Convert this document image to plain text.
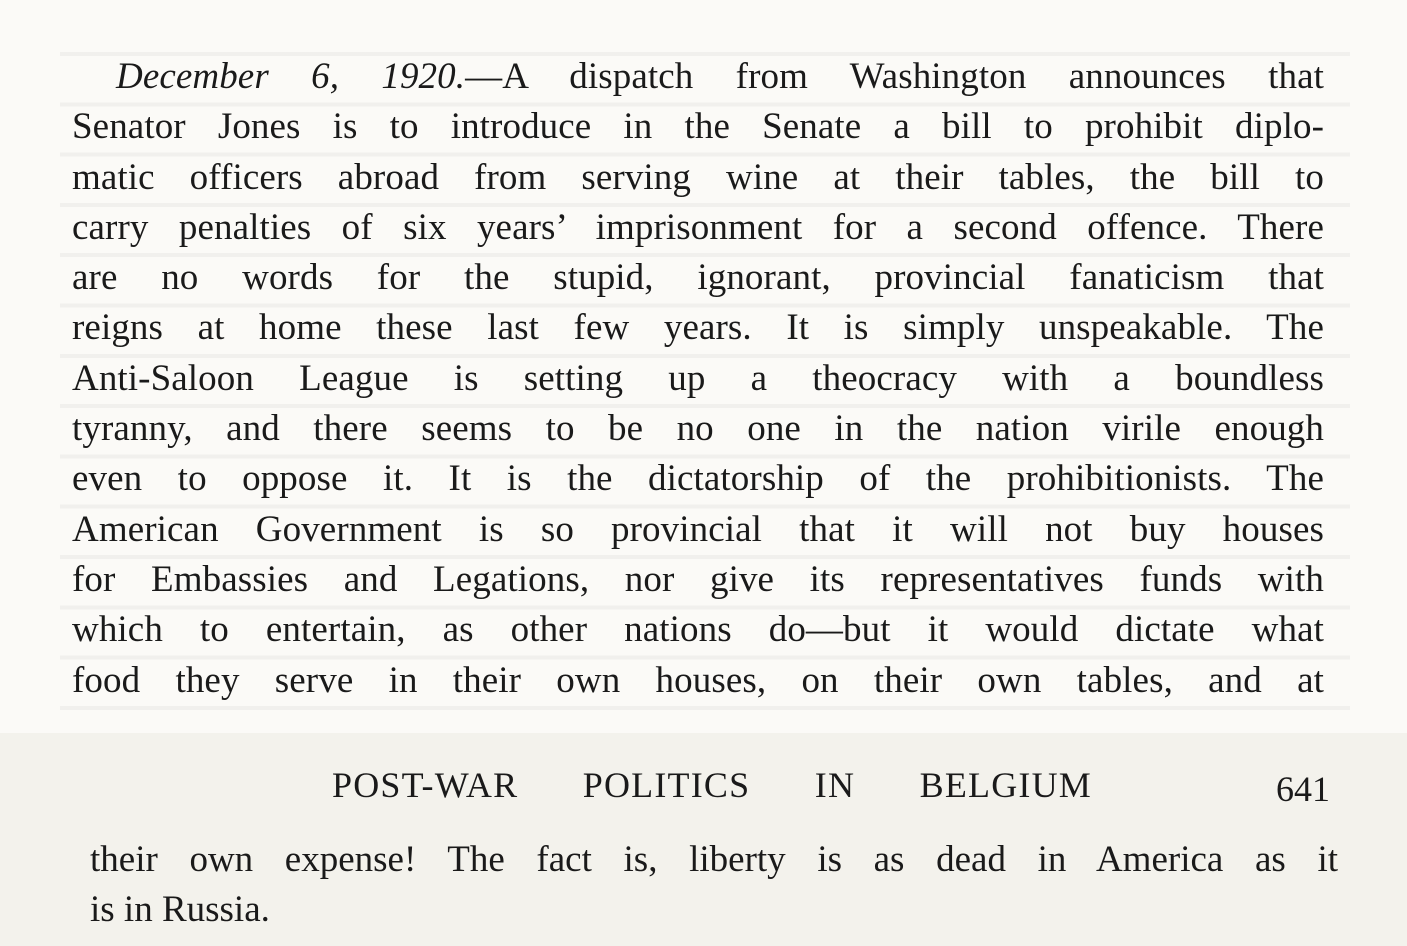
December 6, 1920.—A dispatch from Washington announces that
Senator Jones is to introduce in the Senate a bill to prohibit diplo-
matic officers abroad from serving wine at their tables, the bill to
carry penalties of six years’ imprisonment for a second offence. There
are no words for the stupid, ignorant, provincial fanaticism that
reigns at home these last few years. It is simply unspeakable. The
Anti-Saloon League is setting up a theocracy with a boundless
tyranny, and there seems to be no one in the nation virile enough
even to oppose it. It is the dictatorship of the prohibitionists. The
American Government is so provincial that it will not buy houses
for Embassies and Legations, nor give its representatives funds with
which to entertain, as other nations do—but it would dictate what
food they serve in their own houses, on their own tables, and at
POST-WAR POLITICS IN BELGIUM	641
their own expense! The fact is, liberty is as dead in America as it
is in Russia.
